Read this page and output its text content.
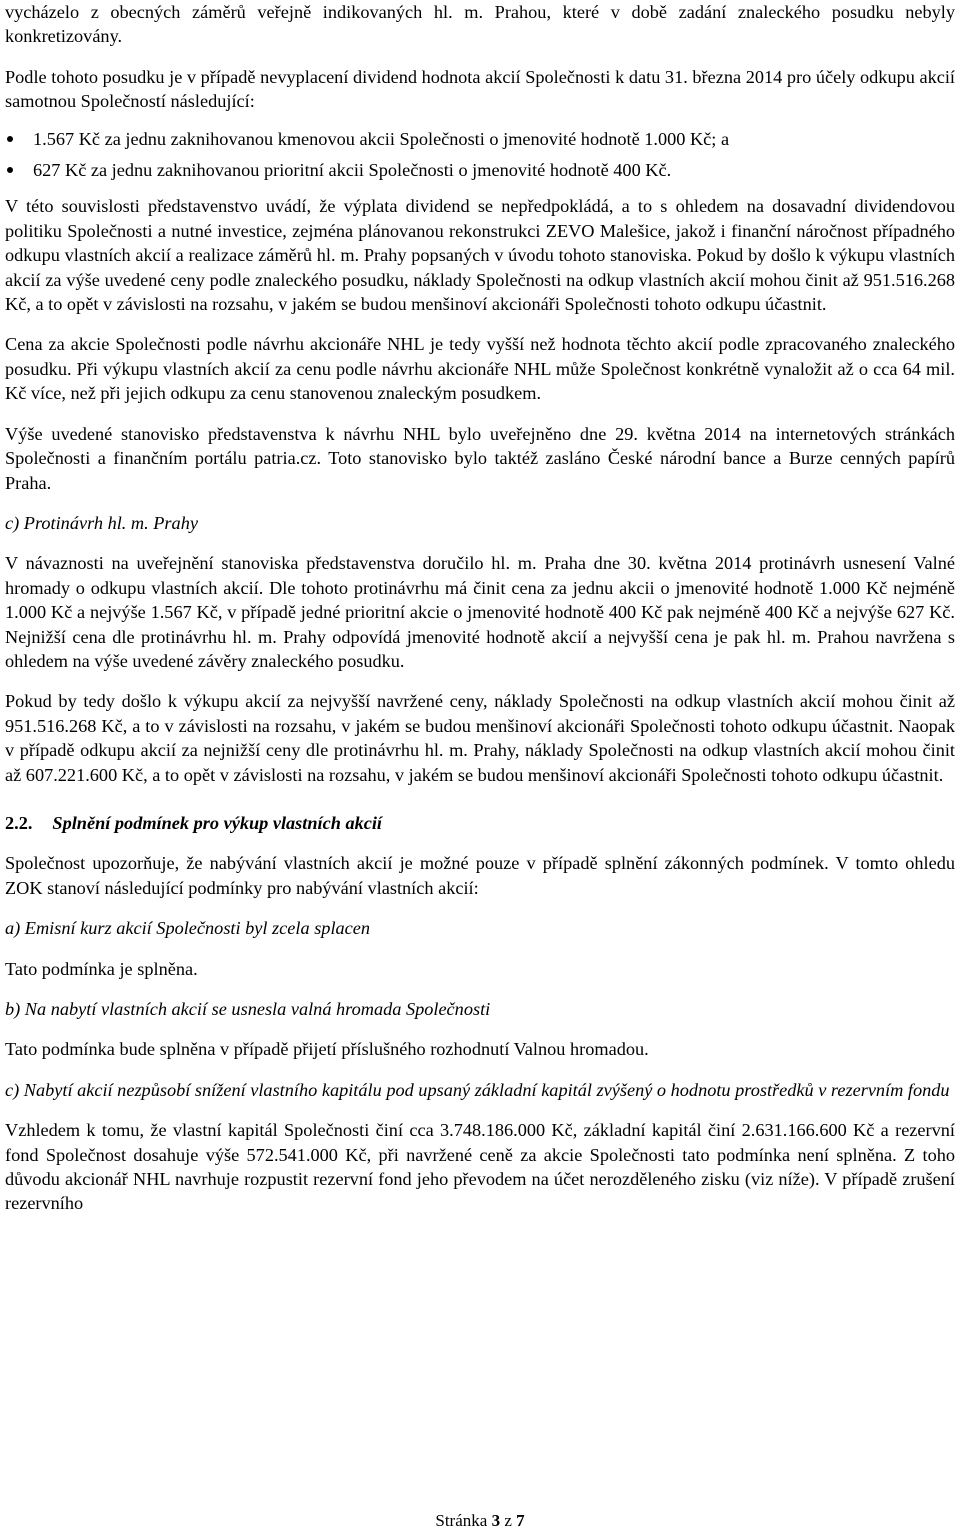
vycházelo z obecných záměrů veřejně indikovaných hl. m. Prahou, které v době zadání znaleckého posudku nebyly konkretizovány.

Podle tohoto posudku je v případě nevyplacení dividend hodnota akcií Společnosti k datu 31. března 2014 pro účely odkupu akcií samotnou Společností následující:

1.567 Kč za jednu zaknihovanou kmenovou akcii Společnosti o jmenovité hodnotě 1.000 Kč; a
627 Kč za jednu zaknihovanou prioritní akcii Společnosti o jmenovité hodnotě 400 Kč.

V této souvislosti představenstvo uvádí, že výplata dividend se nepředpokládá, a to s ohledem na dosavadní dividendovou politiku Společnosti a nutné investice, zejména plánovanou rekonstrukci ZEVO Malešice, jakož i finanční náročnost případného odkupu vlastních akcií a realizace záměrů hl. m. Prahy popsaných v úvodu tohoto stanoviska. Pokud by došlo k výkupu vlastních akcií za výše uvedené ceny podle znaleckého posudku, náklady Společnosti na odkup vlastních akcií mohou činit až 951.516.268 Kč, a to opět v závislosti na rozsahu, v jakém se budou menšinoví akcionáři Společnosti tohoto odkupu účastnit.

Cena za akcie Společnosti podle návrhu akcionáře NHL je tedy vyšší než hodnota těchto akcií podle zpracovaného znaleckého posudku. Při výkupu vlastních akcií za cenu podle návrhu akcionáře NHL může Společnost konkrétně vynaložit až o cca 64 mil. Kč více, než při jejich odkupu za cenu stanovenou znaleckým posudkem.

Výše uvedené stanovisko představenstva k návrhu NHL bylo uveřejněno dne 29. května 2014 na internetových stránkách Společnosti a finančním portálu patria.cz. Toto stanovisko bylo taktéž zasláno České národní bance a Burze cenných papírů Praha.

c) Protinávrh hl. m. Prahy

V návaznosti na uveřejnění stanoviska představenstva doručilo hl. m. Praha dne 30. května 2014 protinávrh usnesení Valné hromady o odkupu vlastních akcií. Dle tohoto protinávrhu má činit cena za jednu akcii o jmenovité hodnotě 1.000 Kč nejméně 1.000 Kč a nejvýše 1.567 Kč, v případě jedné prioritní akcie o jmenovité hodnotě 400 Kč pak nejméně 400 Kč a nejvýše 627 Kč. Nejnižší cena dle protinávrhu hl. m. Prahy odpovídá jmenovité hodnotě akcií a nejvyšší cena je pak hl. m. Prahou navržena s ohledem na výše uvedené závěry znaleckého posudku.

Pokud by tedy došlo k výkupu akcií za nejvyšší navržené ceny, náklady Společnosti na odkup vlastních akcií mohou činit až 951.516.268 Kč, a to v závislosti na rozsahu, v jakém se budou menšinoví akcionáři Společnosti tohoto odkupu účastnit. Naopak v případě odkupu akcií za nejnižší ceny dle protinávrhu hl. m. Prahy, náklady Společnosti na odkup vlastních akcií mohou činit až 607.221.600 Kč, a to opět v závislosti na rozsahu, v jakém se budou menšinoví akcionáři Společnosti tohoto odkupu účastnit.

2.2. Splnění podmínek pro výkup vlastních akcií

Společnost upozorňuje, že nabývání vlastních akcií je možné pouze v případě splnění zákonných podmínek. V tomto ohledu ZOK stanoví následující podmínky pro nabývání vlastních akcií:

a) Emisní kurz akcií Společnosti byl zcela splacen

Tato podmínka je splněna.

b) Na nabytí vlastních akcií se usnesla valná hromada Společnosti

Tato podmínka bude splněna v případě přijetí příslušného rozhodnutí Valnou hromadou.

c) Nabytí akcií nezpůsobí snížení vlastního kapitálu pod upsaný základní kapitál zvýšený o hodnotu prostředků v rezervním fondu

Vzhledem k tomu, že vlastní kapitál Společnosti činí cca 3.748.186.000 Kč, základní kapitál činí 2.631.166.600 Kč a rezervní fond Společnost dosahuje výše 572.541.000 Kč, při navržené ceně za akcie Společnosti tato podmínka není splněna. Z toho důvodu akcionář NHL navrhuje rozpustit rezervní fond jeho převodem na účet nerozděleného zisku (viz níže). V případě zrušení rezervního

Stránka 3 z 7
